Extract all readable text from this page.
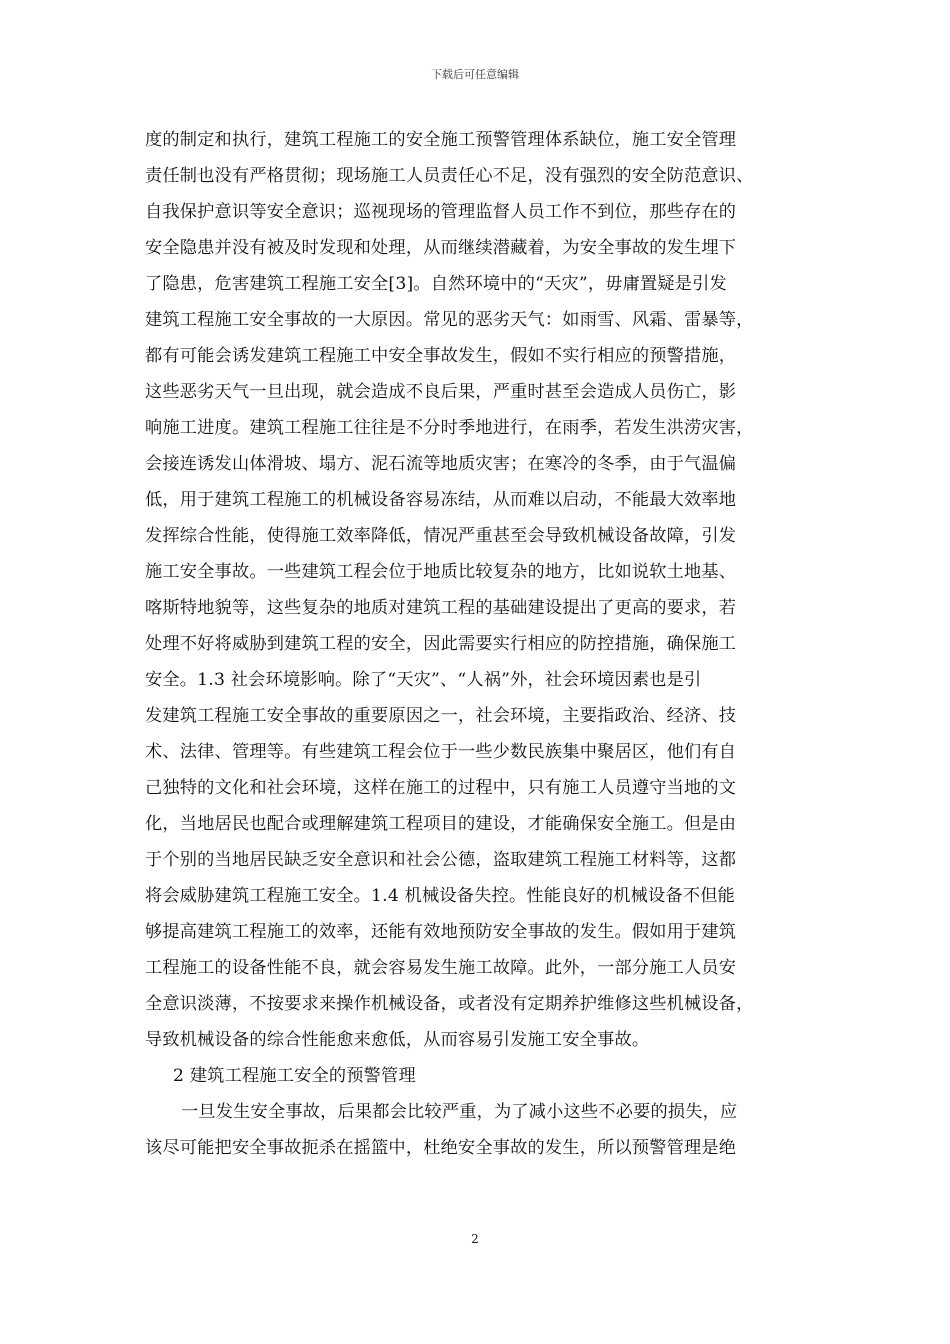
下载后可任意编辑
度的制定和执行，建筑工程施工的安全施工预警管理体系缺位，施工安全管理
责任制也没有严格贯彻；现场施工人员责任心不足，没有强烈的安全防范意识、
自我保护意识等安全意识；巡视现场的管理监督人员工作不到位，那些存在的
安全隐患并没有被及时发现和处理，从而继续潜藏着，为安全事故的发生埋下
了隐患，危害建筑工程施工安全[3]。自然环境中的“天灾”，毋庸置疑是引发
建筑工程施工安全事故的一大原因。常见的恶劣天气：如雨雪、风霜、雷暴等，
都有可能会诱发建筑工程施工中安全事故发生，假如不实行相应的预警措施，
这些恶劣天气一旦出现，就会造成不良后果，严重时甚至会造成人员伤亡，影
响施工进度。建筑工程施工往往是不分时季地进行，在雨季，若发生洪涝灾害，
会接连诱发山体滑坡、塌方、泥石流等地质灾害；在寒冷的冬季，由于气温偏
低，用于建筑工程施工的机械设备容易冻结，从而难以启动，不能最大效率地
发挥综合性能，使得施工效率降低，情况严重甚至会导致机械设备故障，引发
施工安全事故。一些建筑工程会位于地质比较复杂的地方，比如说软土地基、
喀斯特地貌等，这些复杂的地质对建筑工程的基础建设提出了更高的要求，若
处理不好将威胁到建筑工程的安全，因此需要实行相应的防控措施，确保施工
安全。1.3 社会环境影响。除了“天灾”、“人祸”外，社会环境因素也是引
发建筑工程施工安全事故的重要原因之一，社会环境，主要指政治、经济、技
术、法律、管理等。有些建筑工程会位于一些少数民族集中聚居区，他们有自
己独特的文化和社会环境，这样在施工的过程中，只有施工人员遵守当地的文
化，当地居民也配合或理解建筑工程项目的建设，才能确保安全施工。但是由
于个别的当地居民缺乏安全意识和社会公德，盗取建筑工程施工材料等，这都
将会威胁建筑工程施工安全。1.4 机械设备失控。性能良好的机械设备不但能
够提高建筑工程施工的效率，还能有效地预防安全事故的发生。假如用于建筑
工程施工的设备性能不良，就会容易发生施工故障。此外，一部分施工人员安
全意识淡薄，不按要求来操作机械设备，或者没有定期养护维修这些机械设备，
导致机械设备的综合性能愈来愈低，从而容易引发施工安全事故。
2 建筑工程施工安全的预警管理
一旦发生安全事故，后果都会比较严重，为了减小这些不必要的损失，应
该尽可能把安全事故扼杀在摇篮中，杜绝安全事故的发生，所以预警管理是绝
2
